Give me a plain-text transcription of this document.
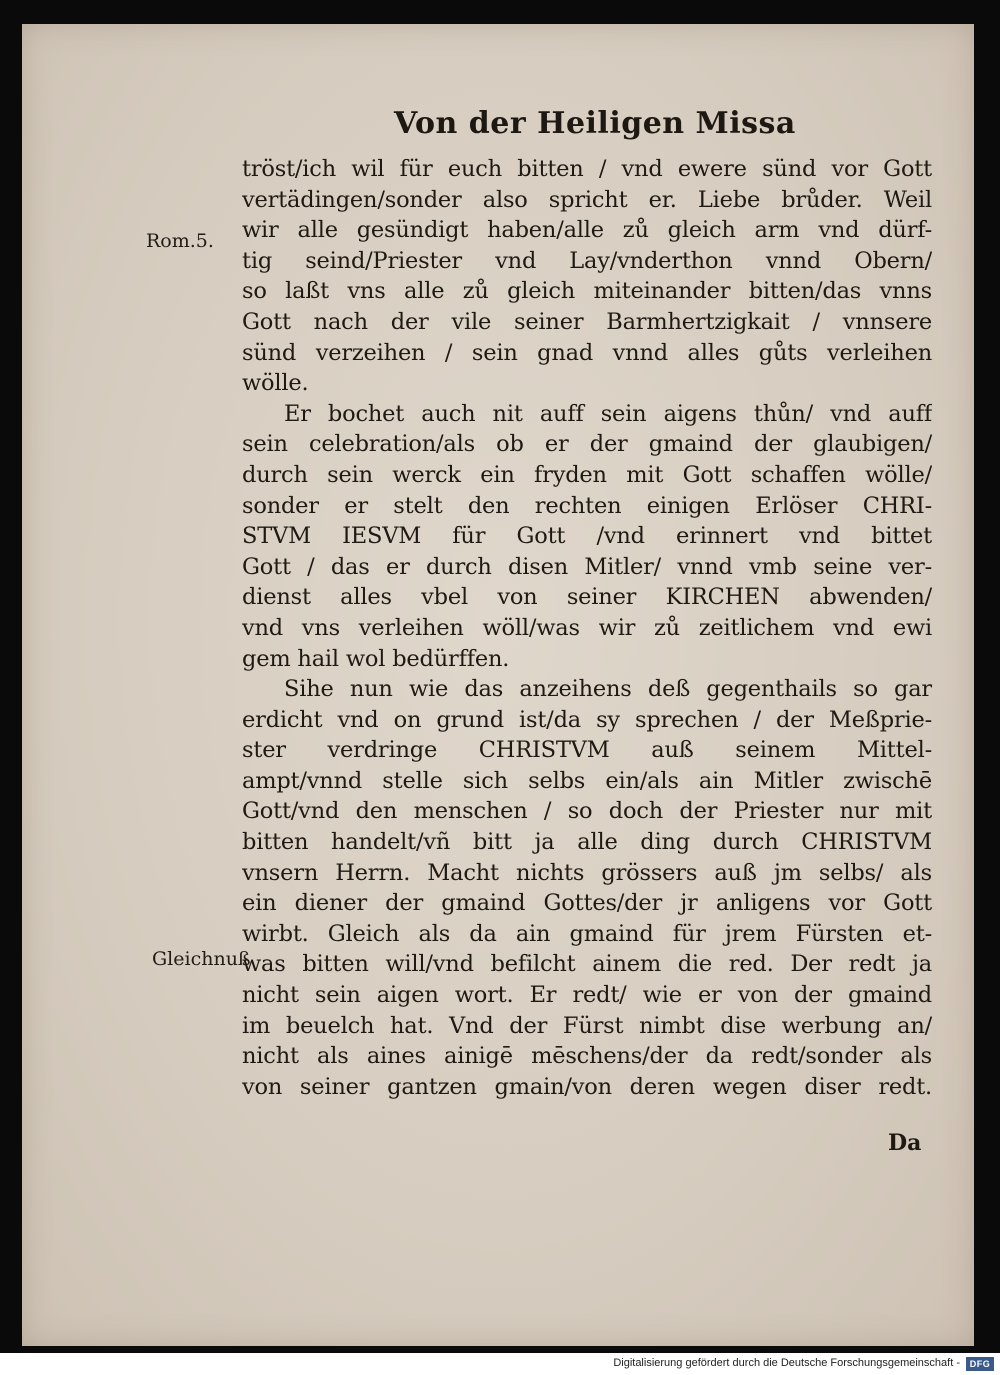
Von der Heiligen Missa
Rom.5.
Gleichnuß
tröst/ich wil für euch bitten / vnd ewere sünd vor Gott
vertädingen/sonder also spricht er. Liebe brůder. Weil
wir alle gesündigt haben/alle zů gleich arm vnd dürf-
tig seind/Priester vnd Lay/vnderthon vnnd Obern/
so laßt vns alle zů gleich miteinander bitten/das vnns
Gott nach der vile seiner Barmhertzigkait / vnnsere
sünd verzeihen / sein gnad vnnd alles gůts verleihen
wölle.
Er bochet auch nit auff sein aigens thůn/ vnd auff
sein celebration/als ob er der gmaind der glaubigen/
durch sein werck ein fryden mit Gott schaffen wölle/
sonder er stelt den rechten einigen Erlöser CHRI-
STVM IESVM für Gott /vnd erinnert vnd bittet
Gott / das er durch disen Mitler/ vnnd vmb seine ver-
dienst alles vbel von seiner KIRCHEN abwenden/
vnd vns verleihen wöll/was wir zů zeitlichem vnd ewi
gem hail wol bedürffen.
Sihe nun wie das anzeihens deß gegenthails so gar
erdicht vnd on grund ist/da sy sprechen / der Meßprie-
ster verdringe CHRISTVM auß seinem Mittel-
ampt/vnnd stelle sich selbs ein/als ain Mitler zwischē
Gott/vnd den menschen / so doch der Priester nur mit
bitten handelt/vñ bitt ja alle ding durch CHRISTVM
vnsern Herrn. Macht nichts grössers auß jm selbs/ als
ein diener der gmaind Gottes/der jr anligens vor Gott
wirbt. Gleich als da ain gmaind für jrem Fürsten et-
was bitten will/vnd befilcht ainem die red. Der redt ja
nicht sein aigen wort. Er redt/ wie er von der gmaind
im beuelch hat. Vnd der Fürst nimbt dise werbung an/
nicht als aines ainigē mēschens/der da redt/sonder als
von seiner gantzen gmain/von deren wegen diser redt.
Da
Digitalisierung gefördert durch die Deutsche Forschungsgemeinschaft -	DFG
